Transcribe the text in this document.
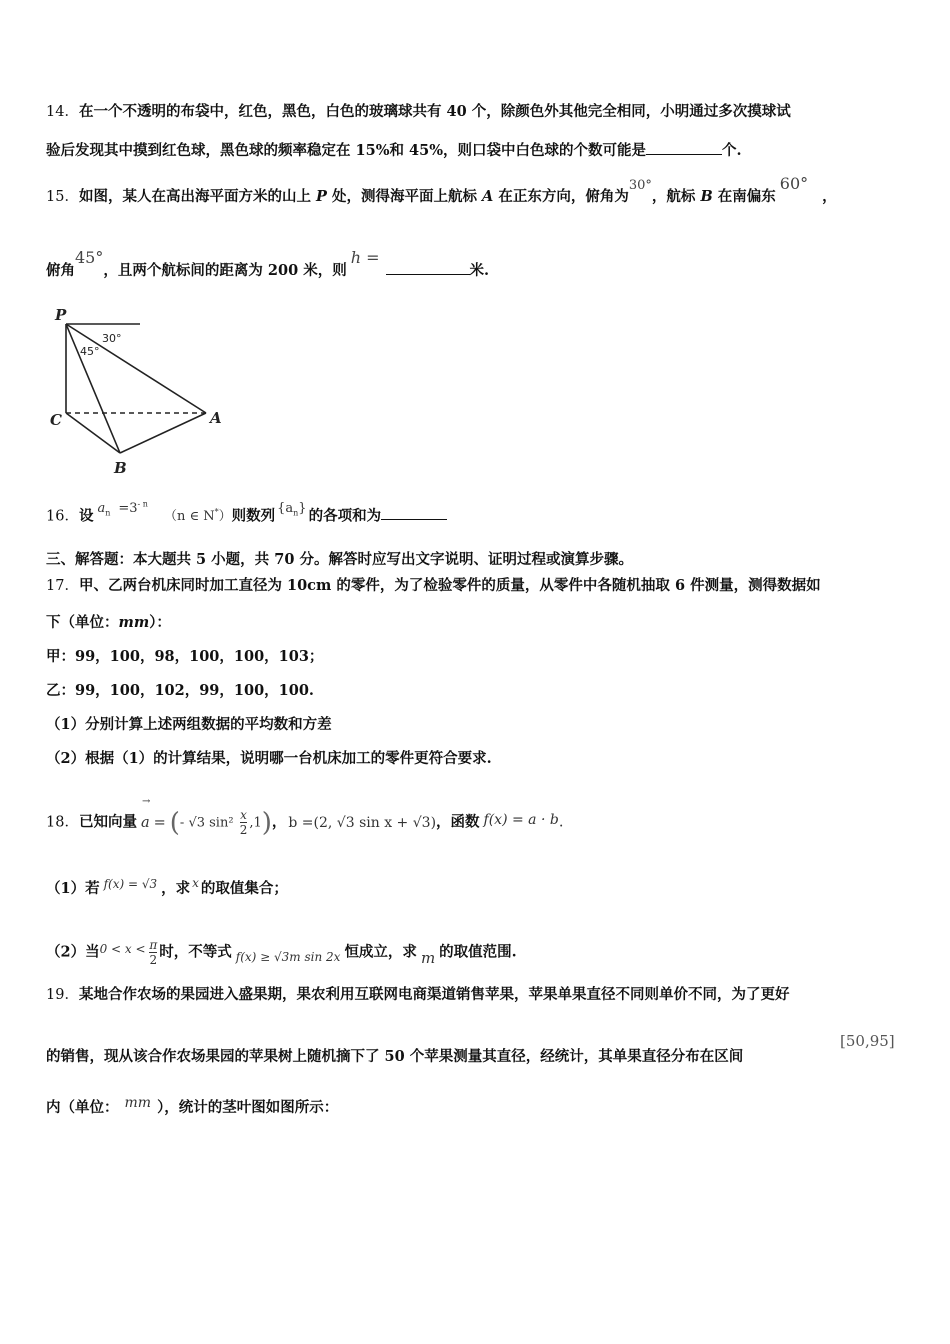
14．在一个不透明的布袋中，红色，黑色，白色的玻璃球共有 40 个，除颜色外其他完全相同，小明通过多次摸球试
验后发现其中摸到红色球，黑色球的频率稳定在 15%和 45%，则口袋中白色球的个数可能是	个.
15．如图，某人在高出海平面方米的山上 P 处，测得海平面上航标 A 在正东方向，俯角为30°，航标 B 在南偏东60°，
俯角45°，且两个航标间的距离为 200 米，则h =米.
P
C	A
B
30°
45°
16．设 $a_n =3^{- n}(n$ ∈ N*）则数列 $\{a_n\}$ 的各项和为
三、解答题：本大题共 5 小题，共 70 分。解答时应写出文字说明、证明过程或演算步骤。
17．甲、乙两台机床同时加工直径为 10cm 的零件，为了检验零件的质量，从零件中各随机抽取 6 件测量，测得数据如
下（单位：mm）：
甲：99，100，98，100，100，103；
乙：99，100，102，99，100，100.
（1）分别计算上述两组数据的平均数和方差
（2）根据（1）的计算结果，说明哪一台机床加工的零件更符合要求.
18．已知向量 a
→
= (- √3 $\sin^2 \frac{x}{2} ,1$)， b =(2, √3 sin x + √3)，函数 f(x) = a · b.
（1）若 $^{f(x) = √3}$ ，求 $^x$ 的取值集合；
（2）当$^{0 < x <} \frac{\pi}{2}$ 时，不等式 $_{f(x) \ge √3m sin 2x}$ 恒成立，求 m 的取值范围.
19．某地合作农场的果园进入盛果期，果农利用互联网电商渠道销售苹果，苹果单果直径不同则单价不同，为了更好
的销售，现从该合作农场果园的苹果树上随机摘下了 50 个苹果测量其直径，经统计，其单果直径分布在区间
[50,95]
内（单位： mm ），统计的茎叶图如图所示：
